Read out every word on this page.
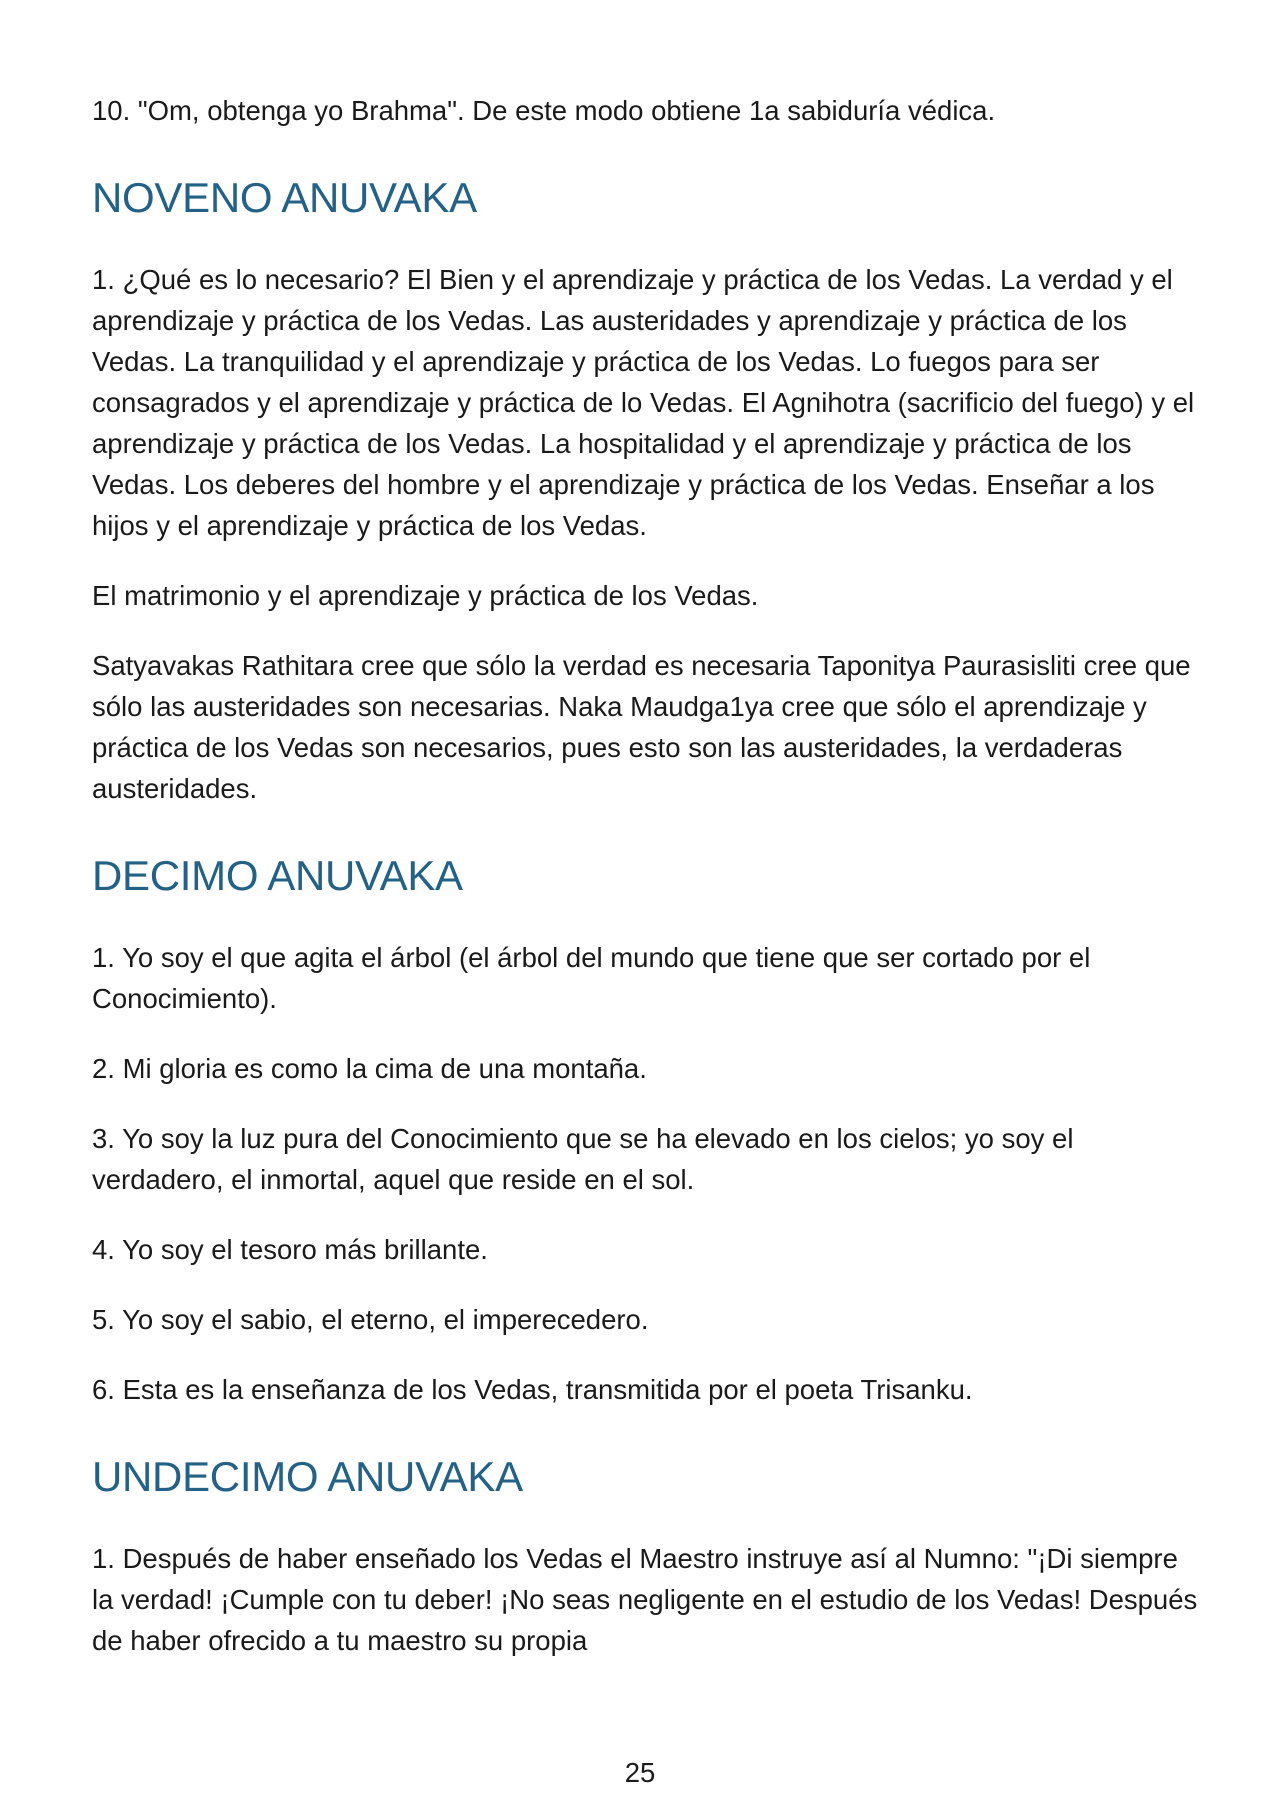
10. "Om, obtenga yo Brahma". De este modo obtiene 1a sabiduría védica.

NOVENO ANUVAKA

1. ¿Qué es lo necesario? El Bien y el aprendizaje y práctica de los Vedas. La verdad y el aprendizaje y práctica de los Vedas. Las austeridades y aprendizaje y práctica de los Vedas. La tranquilidad y el aprendizaje y práctica de los Vedas. Lo fuegos para ser consagrados y el aprendizaje y práctica de lo Vedas. El Agnihotra (sacrificio del fuego) y el aprendizaje y práctica de los Vedas. La hospitalidad y el aprendizaje y práctica de los Vedas. Los deberes del hombre y el aprendizaje y práctica de los Vedas. Enseñar a los hijos y el aprendizaje y práctica de los Vedas.

El matrimonio y el aprendizaje y práctica de los Vedas.

Satyavakas Rathitara cree que sólo la verdad es necesaria Taponitya Paurasisliti cree que sólo las austeridades son necesarias. Naka Maudga1ya cree que sólo el aprendizaje y práctica de los Vedas son necesarios, pues esto son las austeridades, la verdaderas austeridades.

DECIMO ANUVAKA

1. Yo soy el que agita el árbol (el árbol del mundo que tiene que ser cortado por el Conocimiento).

2. Mi gloria es como la cima de una montaña.

3. Yo soy la luz pura del Conocimiento que se ha elevado en los cielos; yo soy el verdadero, el inmortal, aquel que reside en el sol.

4. Yo soy el tesoro más brillante.

5. Yo soy el sabio, el eterno, el imperecedero.

6. Esta es la enseñanza de los Vedas, transmitida por el poeta Trisanku.

UNDECIMO ANUVAKA

1. Después de haber enseñado los Vedas el Maestro instruye así al Numno: "¡Di siempre la verdad! ¡Cumple con tu deber! ¡No seas negligente en el estudio de los Vedas! Después de haber ofrecido a tu maestro su propia

25
